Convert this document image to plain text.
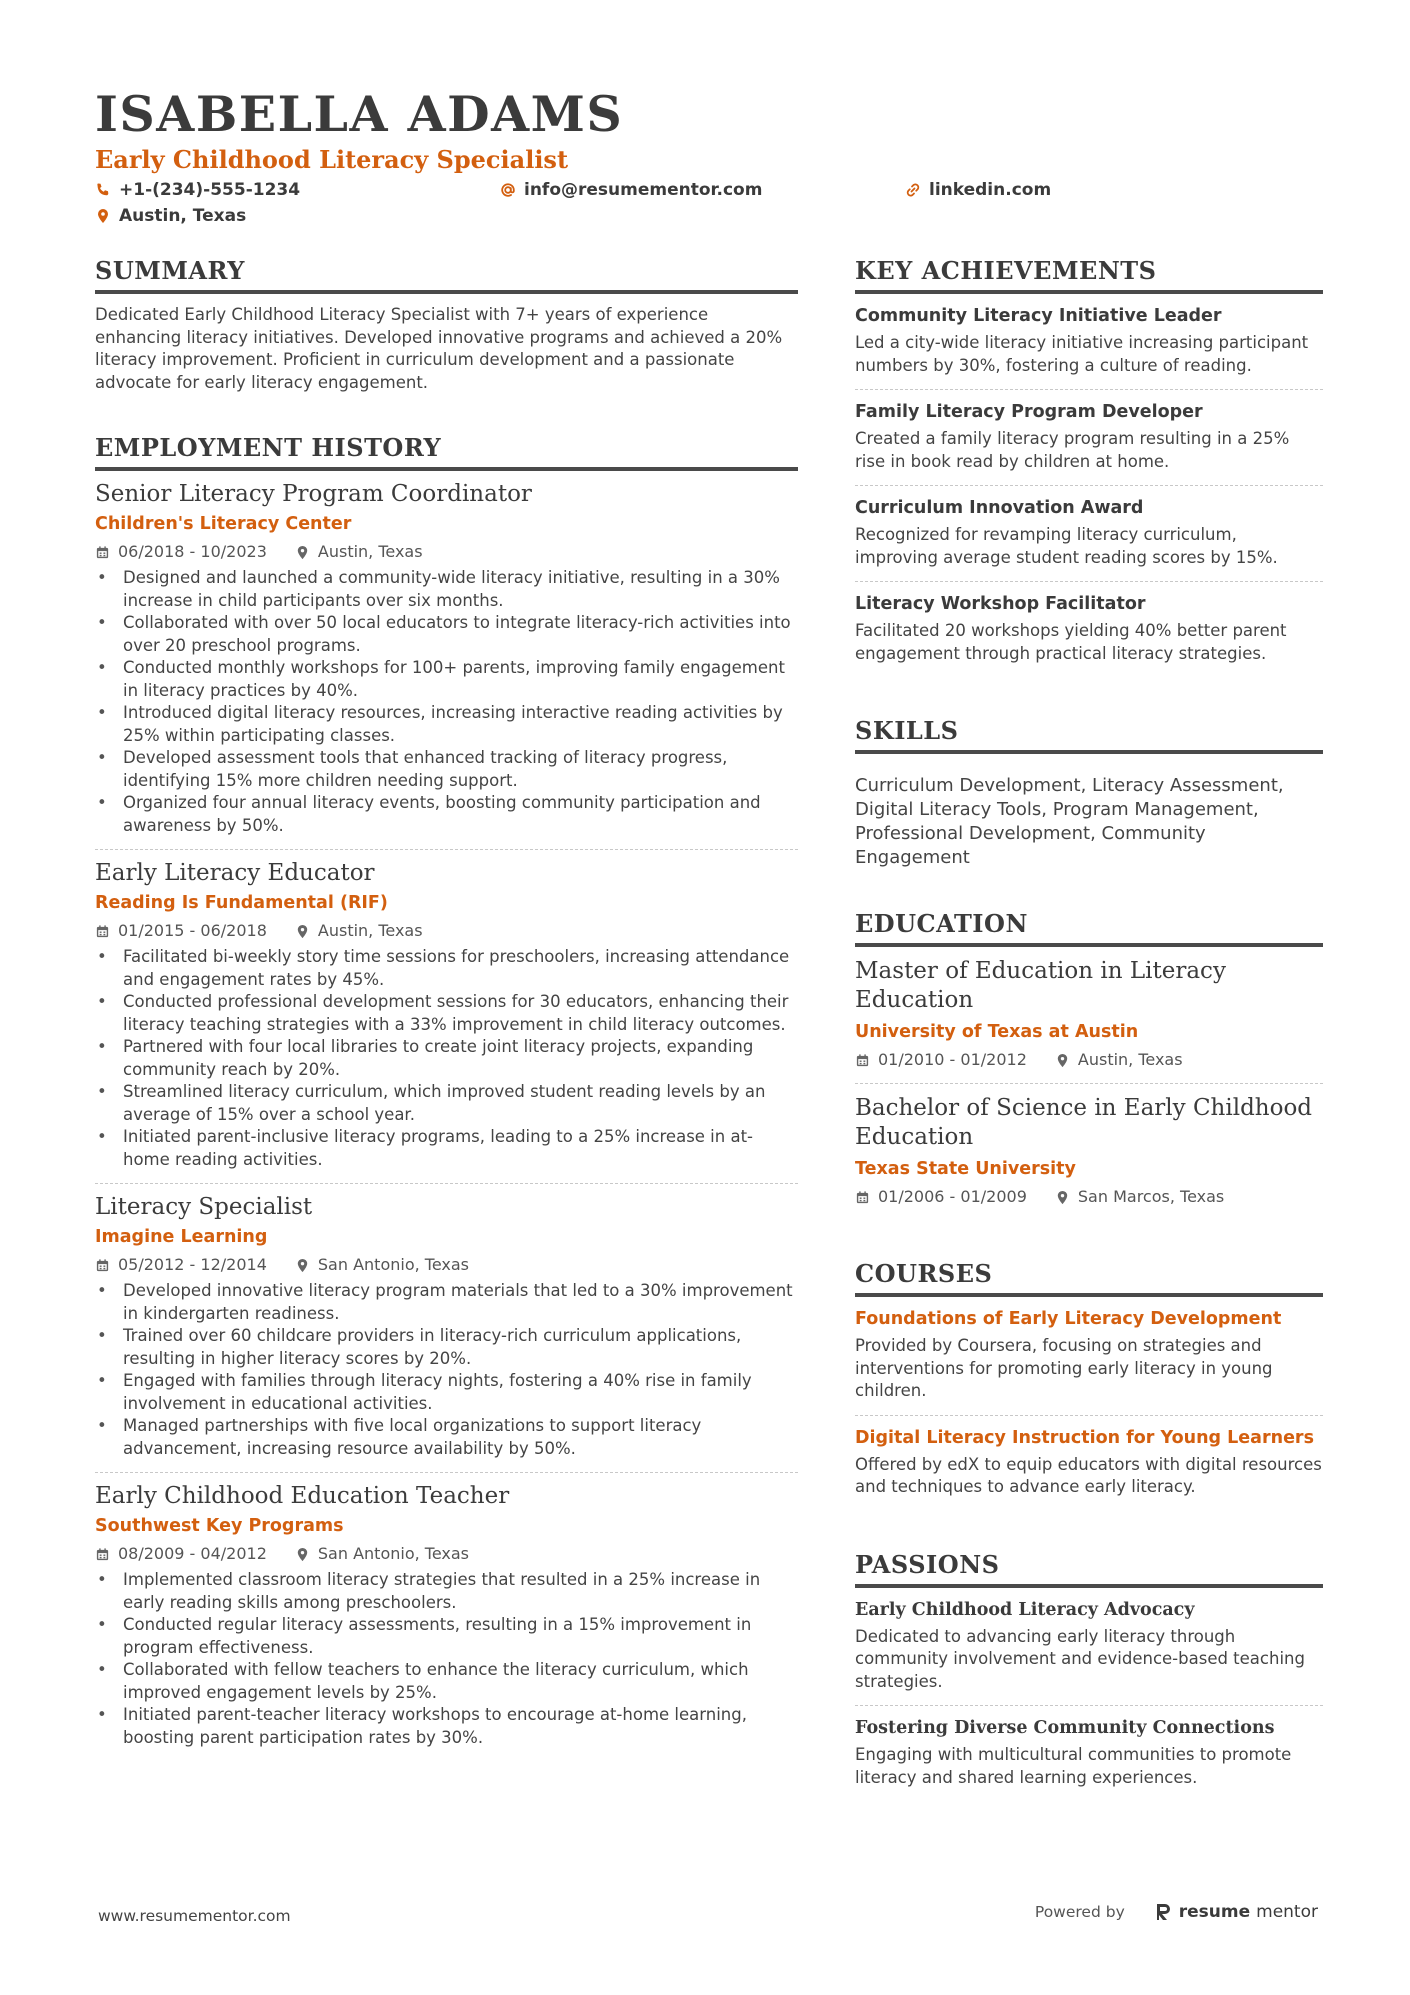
ISABELLA ADAMS
Early Childhood Literacy Specialist
+1-(234)-555-1234	info@resumementor.com	linkedin.com
Austin, Texas
SUMMARY
Dedicated Early Childhood Literacy Specialist with 7+ years of experience enhancing literacy initiatives. Developed innovative programs and achieved a 20% literacy improvement. Proficient in curriculum development and a passionate advocate for early literacy engagement.
EMPLOYMENT HISTORY
Senior Literacy Program Coordinator
Children's Literacy Center
06/2018 - 10/2023	Austin, Texas
• Designed and launched a community-wide literacy initiative, resulting in a 30% increase in child participants over six months.
• Collaborated with over 50 local educators to integrate literacy-rich activities into over 20 preschool programs.
• Conducted monthly workshops for 100+ parents, improving family engagement in literacy practices by 40%.
• Introduced digital literacy resources, increasing interactive reading activities by 25% within participating classes.
• Developed assessment tools that enhanced tracking of literacy progress, identifying 15% more children needing support.
• Organized four annual literacy events, boosting community participation and awareness by 50%.
Early Literacy Educator
Reading Is Fundamental (RIF)
01/2015 - 06/2018	Austin, Texas
• Facilitated bi-weekly story time sessions for preschoolers, increasing attendance and engagement rates by 45%.
• Conducted professional development sessions for 30 educators, enhancing their literacy teaching strategies with a 33% improvement in child literacy outcomes.
• Partnered with four local libraries to create joint literacy projects, expanding community reach by 20%.
• Streamlined literacy curriculum, which improved student reading levels by an average of 15% over a school year.
• Initiated parent-inclusive literacy programs, leading to a 25% increase in at-home reading activities.
Literacy Specialist
Imagine Learning
05/2012 - 12/2014	San Antonio, Texas
• Developed innovative literacy program materials that led to a 30% improvement in kindergarten readiness.
• Trained over 60 childcare providers in literacy-rich curriculum applications, resulting in higher literacy scores by 20%.
• Engaged with families through literacy nights, fostering a 40% rise in family involvement in educational activities.
• Managed partnerships with five local organizations to support literacy advancement, increasing resource availability by 50%.
Early Childhood Education Teacher
Southwest Key Programs
08/2009 - 04/2012	San Antonio, Texas
• Implemented classroom literacy strategies that resulted in a 25% increase in early reading skills among preschoolers.
• Conducted regular literacy assessments, resulting in a 15% improvement in program effectiveness.
• Collaborated with fellow teachers to enhance the literacy curriculum, which improved engagement levels by 25%.
• Initiated parent-teacher literacy workshops to encourage at-home learning, boosting parent participation rates by 30%.
KEY ACHIEVEMENTS
Community Literacy Initiative Leader
Led a city-wide literacy initiative increasing participant numbers by 30%, fostering a culture of reading.
Family Literacy Program Developer
Created a family literacy program resulting in a 25% rise in book read by children at home.
Curriculum Innovation Award
Recognized for revamping literacy curriculum, improving average student reading scores by 15%.
Literacy Workshop Facilitator
Facilitated 20 workshops yielding 40% better parent engagement through practical literacy strategies.
SKILLS
Curriculum Development, Literacy Assessment, Digital Literacy Tools, Program Management, Professional Development, Community Engagement
EDUCATION
Master of Education in Literacy Education
University of Texas at Austin
01/2010 - 01/2012	Austin, Texas
Bachelor of Science in Early Childhood Education
Texas State University
01/2006 - 01/2009	San Marcos, Texas
COURSES
Foundations of Early Literacy Development
Provided by Coursera, focusing on strategies and interventions for promoting early literacy in young children.
Digital Literacy Instruction for Young Learners
Offered by edX to equip educators with digital resources and techniques to advance early literacy.
PASSIONS
Early Childhood Literacy Advocacy
Dedicated to advancing early literacy through community involvement and evidence-based teaching strategies.
Fostering Diverse Community Connections
Engaging with multicultural communities to promote literacy and shared learning experiences.
www.resumementor.com	Powered by	resume mentor
